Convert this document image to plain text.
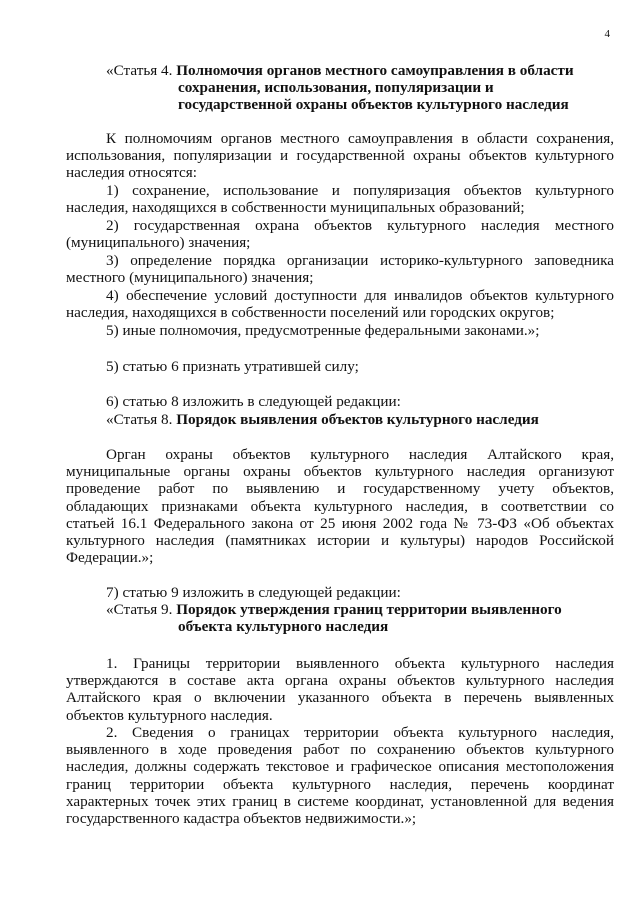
4
«Статья 4. Полномочия органов местного самоуправления в области
сохранения, использования, популяризации и
государственной охраны объектов культурного наследия
К полномочиям органов местного самоуправления в области сохранения,
использования, популяризации и государственной охраны объектов культурного
наследия относятся:
1) сохранение, использование и популяризация объектов культурного
наследия, находящихся в собственности муниципальных образований;
2) государственная охрана объектов культурного наследия местного
(муниципального) значения;
3) определение порядка организации историко-культурного заповедника
местного (муниципального) значения;
4) обеспечение условий доступности для инвалидов объектов культурного
наследия, находящихся в собственности поселений или городских округов;
5) иные полномочия, предусмотренные федеральными законами.»;
5) статью 6 признать утратившей силу;
6) статью 8 изложить в следующей редакции:
«Статья 8. Порядок выявления объектов культурного наследия
Орган охраны объектов культурного наследия Алтайского края,
муниципальные органы охраны объектов культурного наследия организуют
проведение работ по выявлению и государственному учету объектов,
обладающих признаками объекта культурного наследия, в соответствии со
статьей 16.1 Федерального закона от 25 июня 2002 года № 73-ФЗ «Об объектах
культурного наследия (памятниках истории и культуры) народов Российской
Федерации.»;
7) статью 9 изложить в следующей редакции:
«Статья 9. Порядок утверждения границ территории выявленного
объекта культурного наследия
1. Границы территории выявленного объекта культурного наследия
утверждаются в составе акта органа охраны объектов культурного наследия
Алтайского края о включении указанного объекта в перечень выявленных
объектов культурного наследия.
2. Сведения о границах территории объекта культурного наследия,
выявленного в ходе проведения работ по сохранению объектов культурного
наследия, должны содержать текстовое и графическое описания местоположения
границ территории объекта культурного наследия, перечень координат
характерных точек этих границ в системе координат, установленной для ведения
государственного кадастра объектов недвижимости.»;
